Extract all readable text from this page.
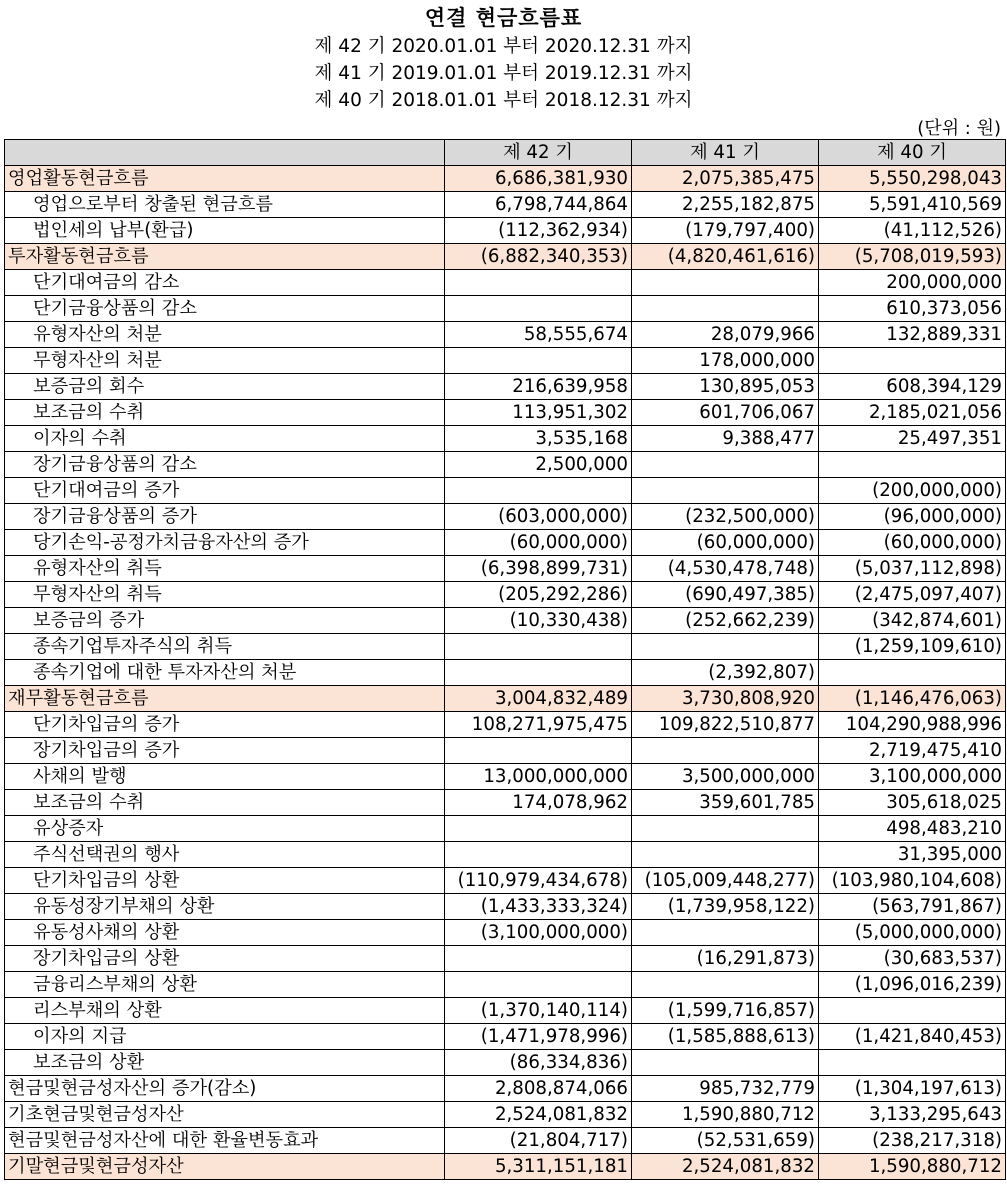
연결 현금흐름표
제 42 기 2020.01.01 부터 2020.12.31 까지
제 41 기 2019.01.01 부터 2019.12.31 까지
제 40 기 2018.01.01 부터 2018.12.31 까지
(단위 : 원)
	제 42 기	제 41 기	제 40 기
영업활동현금흐름	6,686,381,930	2,075,385,475	5,550,298,043
영업으로부터 창출된 현금흐름	6,798,744,864	2,255,182,875	5,591,410,569
법인세의 납부(환급)	(112,362,934)	(179,797,400)	(41,112,526)
투자활동현금흐름	(6,882,340,353)	(4,820,461,616)	(5,708,019,593)
단기대여금의 감소			200,000,000
단기금융상품의 감소			610,373,056
유형자산의 처분	58,555,674	28,079,966	132,889,331
무형자산의 처분		178,000,000	
보증금의 회수	216,639,958	130,895,053	608,394,129
보조금의 수취	113,951,302	601,706,067	2,185,021,056
이자의 수취	3,535,168	9,388,477	25,497,351
장기금융상품의 감소	2,500,000		
단기대여금의 증가			(200,000,000)
장기금융상품의 증가	(603,000,000)	(232,500,000)	(96,000,000)
당기손익-공정가치금융자산의 증가	(60,000,000)	(60,000,000)	(60,000,000)
유형자산의 취득	(6,398,899,731)	(4,530,478,748)	(5,037,112,898)
무형자산의 취득	(205,292,286)	(690,497,385)	(2,475,097,407)
보증금의 증가	(10,330,438)	(252,662,239)	(342,874,601)
종속기업투자주식의 취득			(1,259,109,610)
종속기업에 대한 투자자산의 처분		(2,392,807)	
재무활동현금흐름	3,004,832,489	3,730,808,920	(1,146,476,063)
단기차입금의 증가	108,271,975,475	109,822,510,877	104,290,988,996
장기차입금의 증가			2,719,475,410
사채의 발행	13,000,000,000	3,500,000,000	3,100,000,000
보조금의 수취	174,078,962	359,601,785	305,618,025
유상증자			498,483,210
주식선택권의 행사			31,395,000
단기차입금의 상환	(110,979,434,678)	(105,009,448,277)	(103,980,104,608)
유동성장기부채의 상환	(1,433,333,324)	(1,739,958,122)	(563,791,867)
유동성사채의 상환	(3,100,000,000)		(5,000,000,000)
장기차입금의 상환		(16,291,873)	(30,683,537)
금융리스부채의 상환			(1,096,016,239)
리스부채의 상환	(1,370,140,114)	(1,599,716,857)	
이자의 지급	(1,471,978,996)	(1,585,888,613)	(1,421,840,453)
보조금의 상환	(86,334,836)		
현금및현금성자산의 증가(감소)	2,808,874,066	985,732,779	(1,304,197,613)
기초현금및현금성자산	2,524,081,832	1,590,880,712	3,133,295,643
현금및현금성자산에 대한 환율변동효과	(21,804,717)	(52,531,659)	(238,217,318)
기말현금및현금성자산	5,311,151,181	2,524,081,832	1,590,880,712
